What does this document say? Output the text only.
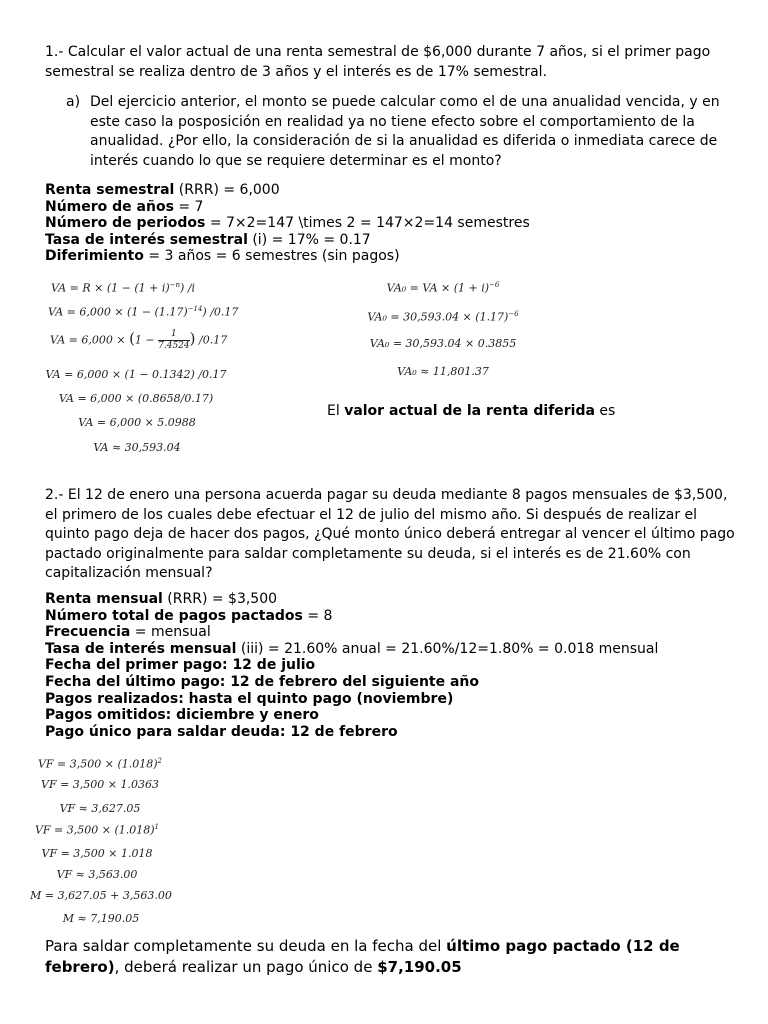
1.- Calcular el valor actual de una renta semestral de $6,000 durante 7 años, si el primer pago semestral se realiza dentro de 3 años y el interés es de 17% semestral.
a) Del ejercicio anterior, el monto se puede calcular como el de una anualidad vencida, y en este caso la posposición en realidad ya no tiene efecto sobre el comportamiento de la anualidad. ¿Por ello, la consideración de si la anualidad es diferida o inmediata carece de interés cuando lo que se requiere determinar es el monto?
Renta semestral (RRR) = 6,000
Número de años = 7
Número de periodos = 7×2=147 \times 2 = 147×2=14 semestres
Tasa de interés semestral (i) = 17% = 0.17
Diferimiento = 3 años = 6 semestres (sin pagos)
VA = $R \times (1 - (1 + i)^{-n})$ /i
VA = $6,000 \times (1 - (1.17)^{-14})$ /0.17
VA = $6,000 \times (1 - \frac{1}{7.4524}$ ) /0.17
VA = 6,000 × (1 − 0.1342) /0.17
VA = 6,000 × (0.8658/0.17)
VA = 6,000 × 5.0988
VA ≈ 30,593.04
VA₀ = VA × $(1 + i)^{-6}$
$VA_0 = 30,593.04 \times (1.17)^{-6}$
VA₀ = 30,593.04 × 0.3855
VA₀ ≈ 11,801.37
El valor actual de la renta diferida es
2.- El 12 de enero una persona acuerda pagar su deuda mediante 8 pagos mensuales de $3,500, el primero de los cuales debe efectuar el 12 de julio del mismo año. Si después de realizar el quinto pago deja de hacer dos pagos, ¿Qué monto único deberá entregar al vencer el último pago pactado originalmente para saldar completamente su deuda, si el interés es de 21.60% con capitalización mensual?
Renta mensual (RRR) = $3,500
Número total de pagos pactados = 8
Frecuencia = mensual
Tasa de interés mensual (iii) = 21.60% anual = 21.60%/12=1.80% = 0.018 mensual
Fecha del primer pago: 12 de julio
Fecha del último pago: 12 de febrero del siguiente año
Pagos realizados: hasta el quinto pago (noviembre)
Pagos omitidos: diciembre y enero
Pago único para saldar deuda: 12 de febrero
VF = $3,500 \times (1.018)^2$
VF = 3,500 × 1.0363
VF ≈ 3,627.05
VF = $3,500 \times (1.018)^1$
VF = 3,500 × 1.018
VF ≈ 3,563.00
M = 3,627.05 + 3,563.00
M ≈ 7,190.05
Para saldar completamente su deuda en la fecha del último pago pactado (12 de febrero), deberá realizar un pago único de $7,190.05
